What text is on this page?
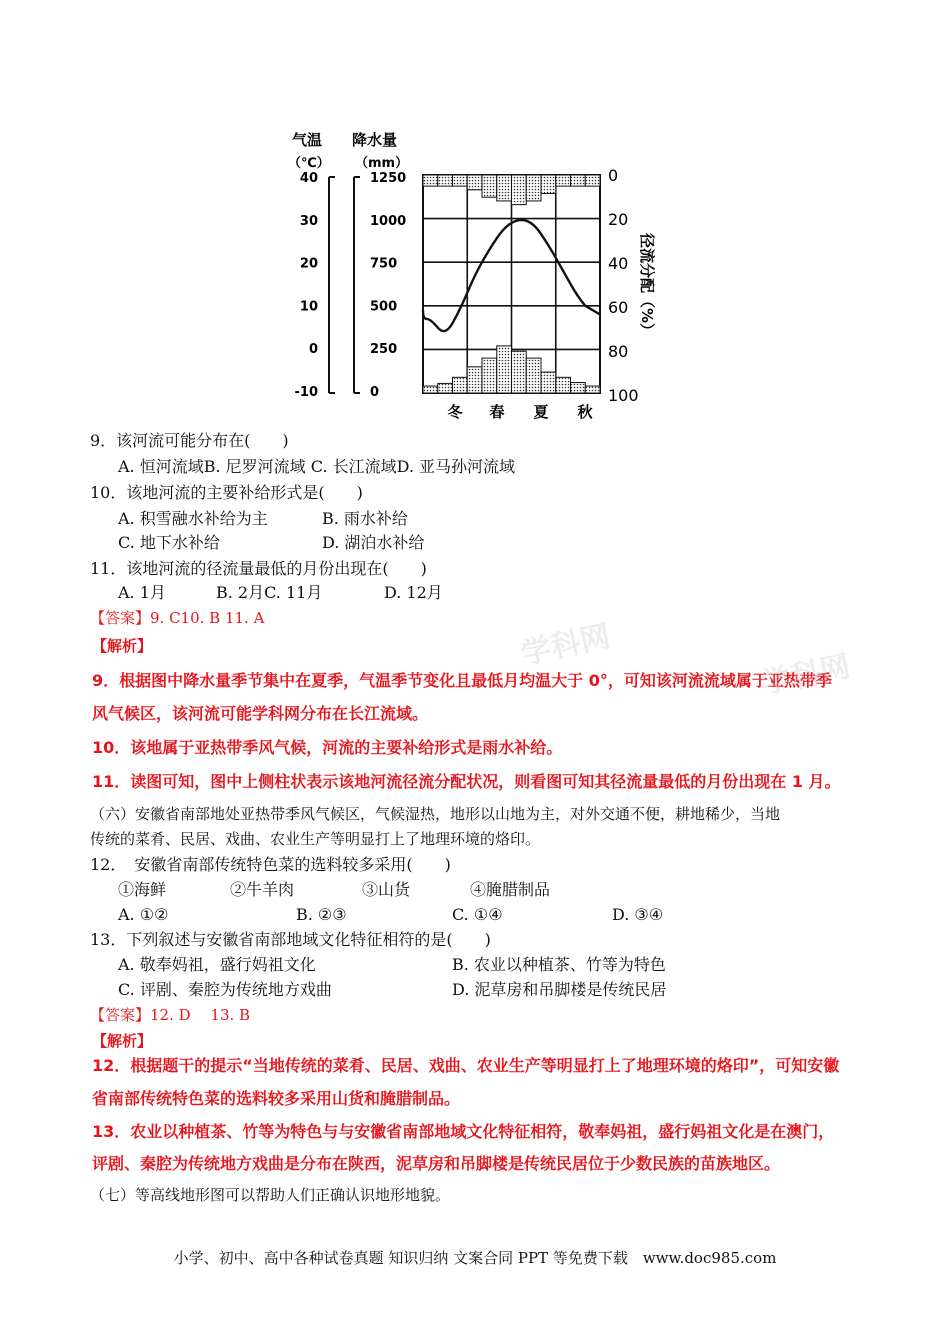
气温 降水量
（℃） （mm）
40
30
20
10
0
-10
1250
1000
750
500
250
0
0
20
40
60
80
100
冬 春 夏 秋
径流分配（%）
9．该河流可能分布在(　　)
A. 恒河流域B. 尼罗河流域 C. 长江流域D. 亚马孙河流域
10．该地河流的主要补给形式是(　　)
A. 积雪融水补给为主	B. 雨水补给
C. 地下水补给	D. 湖泊水补给
11．该地河流的径流量最低的月份出现在(　　)
A. 1月	B. 2月C. 11月	D. 12月
【答案】9. C10. B 11. A
【解析】
9．根据图中降水量季节集中在夏季，气温季节变化且最低月均温大于 0°，可知该河流流域属于亚热带季
风气候区，该河流可能学科网分布在长江流域。
10．该地属于亚热带季风气候，河流的主要补给形式是雨水补给。
11．读图可知，图中上侧柱状表示该地河流径流分配状况，则看图可知其径流量最低的月份出现在 1 月。
（六）安徽省南部地处亚热带季风气候区，气候湿热，地形以山地为主，对外交通不便，耕地稀少，当地
传统的菜肴、民居、戏曲、农业生产等明显打上了地理环境的烙印。
12．　安徽省南部传统特色菜的选料较多采用(　　)
①海鲜	②牛羊肉	③山货	④腌腊制品
A. ①②	B. ②③	C. ①④	D. ③④
13．下列叙述与安徽省南部地域文化特征相符的是(　　)
A. 敬奉妈祖，盛行妈祖文化	B. 农业以种植茶、竹等为特色
C. 评剧、秦腔为传统地方戏曲	D. 泥草房和吊脚楼是传统民居
【答案】12. D　 13. B
【解析】
12．根据题干的提示“当地传统的菜肴、民居、戏曲、农业生产等明显打上了地理环境的烙印”，可知安徽
省南部传统特色菜的选料较多采用山货和腌腊制品。
13．农业以种植茶、竹等为特色与与安徽省南部地域文化特征相符，敬奉妈祖，盛行妈祖文化是在澳门，
评剧、秦腔为传统地方戏曲是分布在陕西，泥草房和吊脚楼是传统民居位于少数民族的苗族地区。
（七）等高线地形图可以帮助人们正确认识地形地貌。
学科网
学科网
小学、初中、高中各种试卷真题 知识归纳 文案合同 PPT 等免费下载　www.doc985.com
